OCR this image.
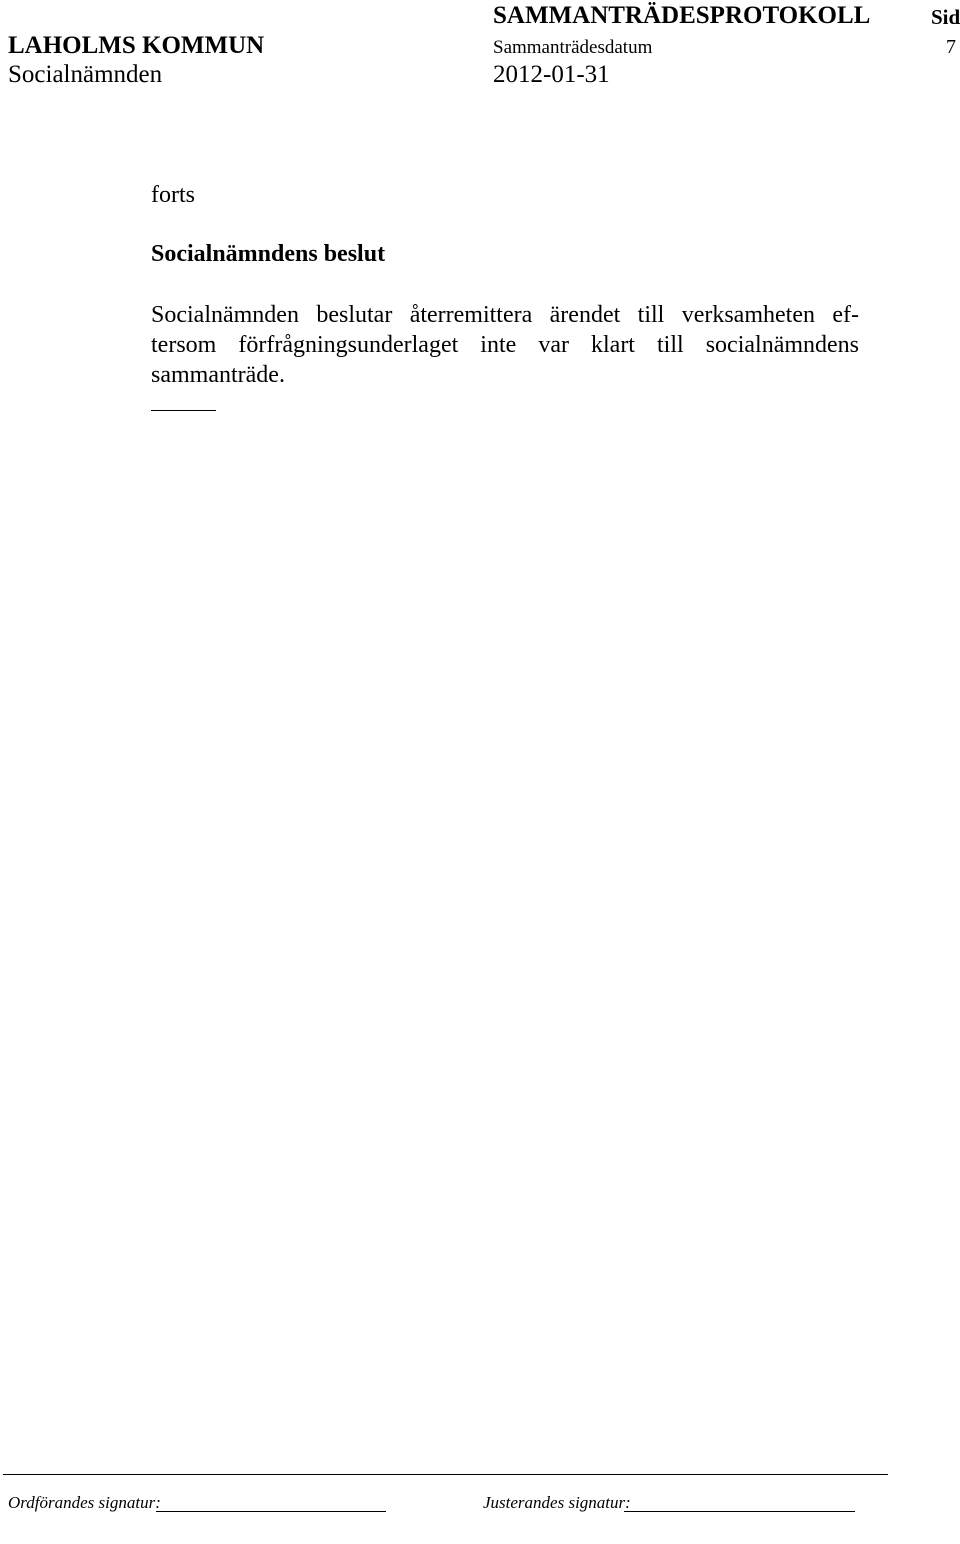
SAMMANTRÄDESPROTOKOLL	Sid
LAHOLMS KOMMUN	Sammanträdesdatum	7
Socialnämnden	2012-01-31
forts
Socialnämndens beslut
Socialnämnden beslutar återremittera ärendet till verksamheten ef-
tersom förfrågningsunderlaget inte var klart till socialnämndens
sammanträde.
Ordförandes signatur:	Justerandes signatur:
